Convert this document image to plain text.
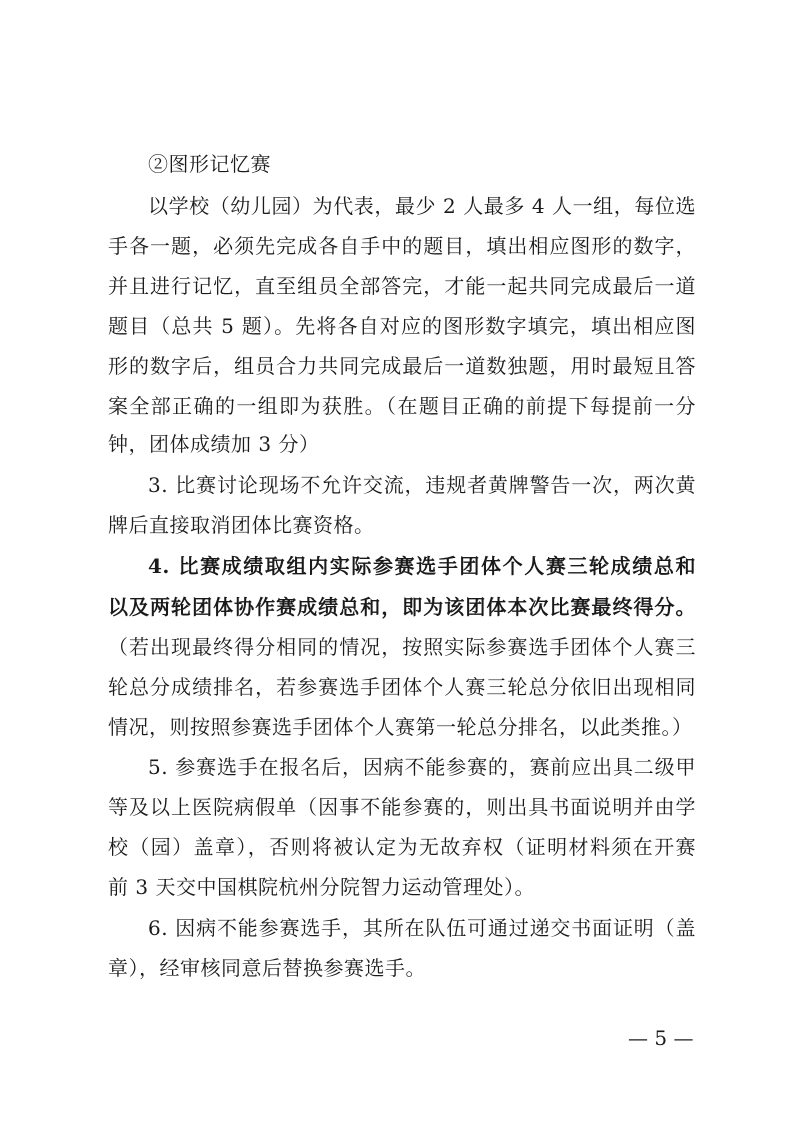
②图形记忆赛
以学校（幼儿园）为代表，最少 2 人最多 4 人一组，每位选
手各一题，必须先完成各自手中的题目，填出相应图形的数字，
并且进行记忆，直至组员全部答完，才能一起共同完成最后一道
题目（总共 5 题）。先将各自对应的图形数字填完，填出相应图
形的数字后，组员合力共同完成最后一道数独题，用时最短且答
案全部正确的一组即为获胜。（在题目正确的前提下每提前一分
钟，团体成绩加 3 分）
3. 比赛讨论现场不允许交流，违规者黄牌警告一次，两次黄
牌后直接取消团体比赛资格。
4. 比赛成绩取组内实际参赛选手团体个人赛三轮成绩总和
以及两轮团体协作赛成绩总和，即为该团体本次比赛最终得分。
（若出现最终得分相同的情况，按照实际参赛选手团体个人赛三
轮总分成绩排名，若参赛选手团体个人赛三轮总分依旧出现相同
情况，则按照参赛选手团体个人赛第一轮总分排名，以此类推。）
5. 参赛选手在报名后，因病不能参赛的，赛前应出具二级甲
等及以上医院病假单（因事不能参赛的，则出具书面说明并由学
校（园）盖章），否则将被认定为无故弃权（证明材料须在开赛
前 3 天交中国棋院杭州分院智力运动管理处）。
6. 因病不能参赛选手，其所在队伍可通过递交书面证明（盖
章），经审核同意后替换参赛选手。
— 5 —
